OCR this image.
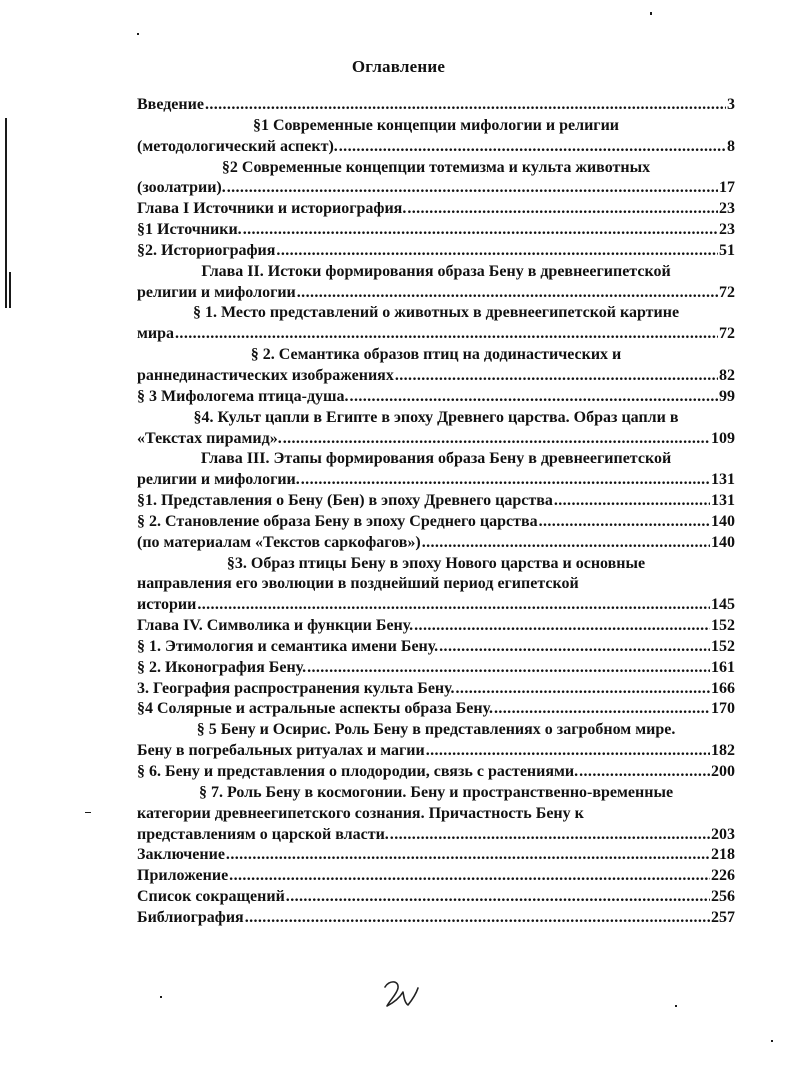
Оглавление
Введение .....	3
§1 Современные концепции мифологии и религии
(методологический аспект). .....	8
§2 Современные концепции тотемизма и культа животных
(зоолатрии). .....	17
Глава I Источники и историография. .....	23
§1 Источники. .....	23
§2. Историография .....	51
Глава II. Истоки формирования образа Бену в древнеегипетской
религии и мифологии .....	72
§ 1. Место представлений о животных в древнеегипетской картине
мира .....	72
§ 2. Семантика образов птиц на додинастических и
раннединастических изображениях .....	82
§ 3 Мифологема птица-душа. .....	99
§4. Культ цапли в Египте в эпоху Древнего царства. Образ цапли в
«Текстах пирамид». .....	109
Глава III. Этапы формирования образа Бену в древнеегипетской
религии и мифологии. .....	131
§1. Представления о Бену (Бен) в эпоху Древнего царства .....	131
§ 2. Становление образа Бену в эпоху Среднего царства .....	140
(по материалам «Текстов саркофагов») .....	140
§3. Образ птицы Бену в эпоху Нового царства и основные
направления его эволюции в позднейший период египетской
истории .....	145
Глава IV. Символика и функции Бену. .....	152
§ 1. Этимология и семантика имени Бену. .....	152
§ 2. Иконография Бену. .....	161
3. География распространения культа Бену. .....	166
§4 Солярные и астральные аспекты образа Бену. .....	170
§ 5 Бену и Осирис. Роль Бену в представлениях о загробном мире.
Бену в погребальных ритуалах и магии .....	182
§ 6. Бену и представления о плодородии, связь с растениями. .....	200
§ 7. Роль Бену в космогонии. Бену и пространственно-временные
категории древнеегипетского сознания. Причастность Бену к
представлениям о царской власти. .....	203
Заключение .....	218
Приложение .....	226
Список сокращений .....	256
Библиография .....	257
